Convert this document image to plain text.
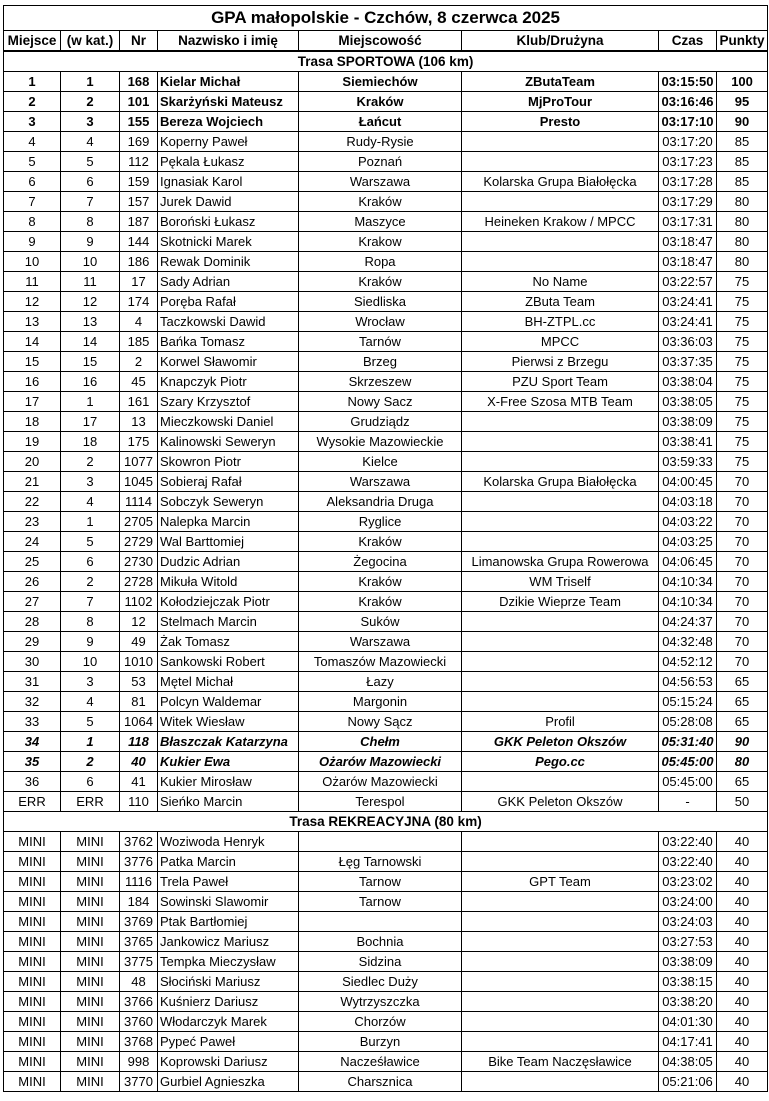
GPA małopolskie - Czchów, 8 czerwca 2025							
Miejsce	(w kat.)	Nr	Nazwisko i imię	Miejscowość	Klub/Drużyna	Czas	Punkty
Trasa SPORTOWA (106 km)							
1	1	168	Kielar Michał	Siemiechów	ZButaTeam	03:15:50	100
2	2	101	Skarżyński Mateusz	Kraków	MjProTour	03:16:46	95
3	3	155	Bereza Wojciech	Łańcut	Presto	03:17:10	90
4	4	169	Koperny Paweł	Rudy-Rysie		03:17:20	85
5	5	112	Pękala Łukasz	Poznań		03:17:23	85
6	6	159	Ignasiak Karol	Warszawa	Kolarska Grupa Białołęcka	03:17:28	85
7	7	157	Jurek Dawid	Kraków		03:17:29	80
8	8	187	Boroński Łukasz	Maszyce	Heineken Krakow / MPCC	03:17:31	80
9	9	144	Skotnicki Marek	Krakow		03:18:47	80
10	10	186	Rewak Dominik	Ropa		03:18:47	80
11	11	17	Sady Adrian	Kraków	No Name	03:22:57	75
12	12	174	Poręba Rafał	Siedliska	ZButa Team	03:24:41	75
13	13	4	Taczkowski Dawid	Wrocław	BH-ZTPL.cc	03:24:41	75
14	14	185	Bańka Tomasz	Tarnów	MPCC	03:36:03	75
15	15	2	Korwel Sławomir	Brzeg	Pierwsi z Brzegu	03:37:35	75
16	16	45	Knapczyk Piotr	Skrzeszew	PZU Sport Team	03:38:04	75
17	1	161	Szary Krzysztof	Nowy Sacz	X-Free Szosa MTB Team	03:38:05	75
18	17	13	Mieczkowski Daniel	Grudziądz		03:38:09	75
19	18	175	Kalinowski Seweryn	Wysokie Mazowieckie		03:38:41	75
20	2	1077	Skowron Piotr	Kielce		03:59:33	75
21	3	1045	Sobieraj Rafał	Warszawa	Kolarska Grupa Białołęcka	04:00:45	70
22	4	1114	Sobczyk Seweryn	Aleksandria Druga		04:03:18	70
23	1	2705	Nalepka Marcin	Ryglice		04:03:22	70
24	5	2729	Wal Barttomiej	Kraków		04:03:25	70
25	6	2730	Dudzic Adrian	Żegocina	Limanowska Grupa Rowerowa	04:06:45	70
26	2	2728	Mikuła Witold	Kraków	WM Triself	04:10:34	70
27	7	1102	Kołodziejczak Piotr	Kraków	Dzikie Wieprze Team	04:10:34	70
28	8	12	Stelmach Marcin	Suków		04:24:37	70
29	9	49	Żak Tomasz	Warszawa		04:32:48	70
30	10	1010	Sankowski Robert	Tomaszów Mazowiecki		04:52:12	70
31	3	53	Mętel Michał	Łazy		04:56:53	65
32	4	81	Polcyn Waldemar	Margonin		05:15:24	65
33	5	1064	Witek Wiesław	Nowy Sącz	Profil	05:28:08	65
34	1	118	Błaszczak Katarzyna	Chełm	GKK Peleton Okszów	05:31:40	90
35	2	40	Kukier Ewa	Ożarów Mazowiecki	Pego.cc	05:45:00	80
36	6	41	Kukier Mirosław	Ożarów Mazowiecki		05:45:00	65
ERR	ERR	110	Sieńko Marcin	Terespol	GKK Peleton Okszów	-	50
Trasa REKREACYJNA (80 km)							
MINI	MINI	3762	Woziwoda Henryk			03:22:40	40
MINI	MINI	3776	Patka Marcin	Łęg Tarnowski		03:22:40	40
MINI	MINI	1116	Trela Paweł	Tarnow	GPT Team	03:23:02	40
MINI	MINI	184	Sowinski Slawomir	Tarnow		03:24:00	40
MINI	MINI	3769	Ptak Bartłomiej			03:24:03	40
MINI	MINI	3765	Jankowicz Mariusz	Bochnia		03:27:53	40
MINI	MINI	3775	Tempka Mieczysław	Sidzina		03:38:09	40
MINI	MINI	48	Słociński Mariusz	Siedlec Duży		03:38:15	40
MINI	MINI	3766	Kuśnierz Dariusz	Wytrzyszczka		03:38:20	40
MINI	MINI	3760	Włodarczyk Marek	Chorzów		04:01:30	40
MINI	MINI	3768	Pypeć Paweł	Burzyn		04:17:41	40
MINI	MINI	998	Koprowski Dariusz	Nacześławice	Bike Team Naczęsławice	04:38:05	40
MINI	MINI	3770	Gurbiel Agnieszka	Charsznica		05:21:06	40
